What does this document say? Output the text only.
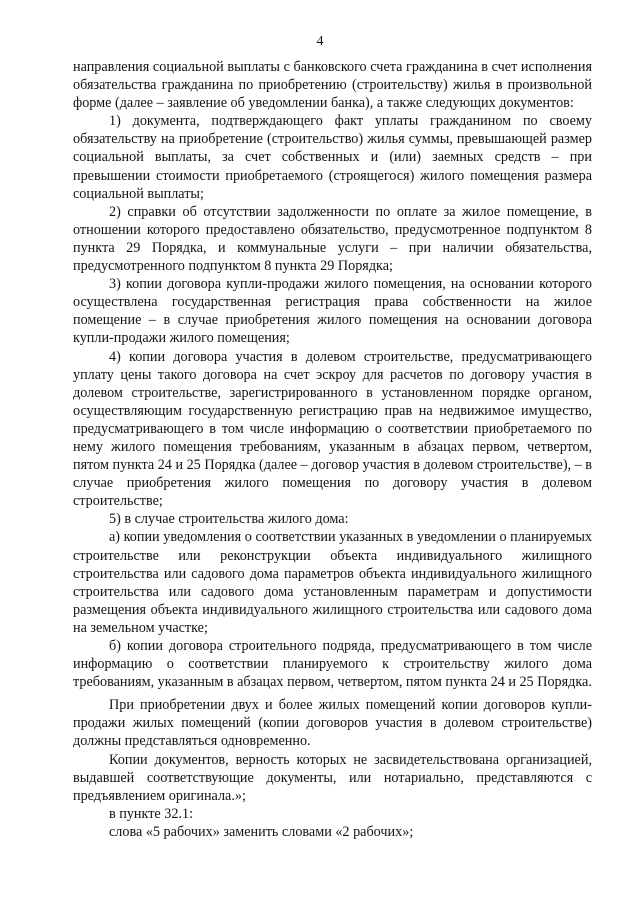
4

направления социальной выплаты с банковского счета гражданина в счет исполнения обязательства гражданина по приобретению (строительству) жилья в произвольной форме (далее – заявление об уведомлении банка), а также следующих документов:

1) документа, подтверждающего факт уплаты гражданином по своему обязательству на приобретение (строительство) жилья суммы, превышающей размер социальной выплаты, за счет собственных и (или) заемных средств – при превышении стоимости приобретаемого (строящегося) жилого помещения размера социальной выплаты;

2) справки об отсутствии задолженности по оплате за жилое помещение, в отношении которого предоставлено обязательство, предусмотренное подпунктом 8 пункта 29 Порядка, и коммунальные услуги – при наличии обязательства, предусмотренного подпунктом 8 пункта 29 Порядка;

3) копии договора купли-продажи жилого помещения, на основании которого осуществлена государственная регистрация права собственности на жилое помещение – в случае приобретения жилого помещения на основании договора купли-продажи жилого помещения;

4) копии договора участия в долевом строительстве, предусматривающего уплату цены такого договора на счет эскроу для расчетов по договору участия в долевом строительстве, зарегистрированного в установленном порядке органом, осуществляющим государственную регистрацию прав на недвижимое имущество, предусматривающего в том числе информацию о соответствии приобретаемого по нему жилого помещения требованиям, указанным в абзацах первом, четвертом, пятом пункта 24 и 25 Порядка (далее – договор участия в долевом строительстве), – в случае приобретения жилого помещения по договору участия в долевом строительстве;

5) в случае строительства жилого дома:

а) копии уведомления о соответствии указанных в уведомлении о планируемых строительстве или реконструкции объекта индивидуального жилищного строительства или садового дома параметров объекта индивидуального жилищного строительства или садового дома установленным параметрам и допустимости размещения объекта индивидуального жилищного строительства или садового дома на земельном участке;

б) копии договора строительного подряда, предусматривающего в том числе информацию о соответствии планируемого к строительству жилого дома требованиям, указанным в абзацах первом, четвертом, пятом пункта 24 и 25 Порядка.

При приобретении двух и более жилых помещений копии договоров купли-продажи жилых помещений (копии договоров участия в долевом строительстве) должны представляться одновременно.

Копии документов, верность которых не засвидетельствована организацией, выдавшей соответствующие документы, или нотариально, представляются с предъявлением оригинала.»;

в пункте 32.1:

слова «5 рабочих» заменить словами «2 рабочих»;
